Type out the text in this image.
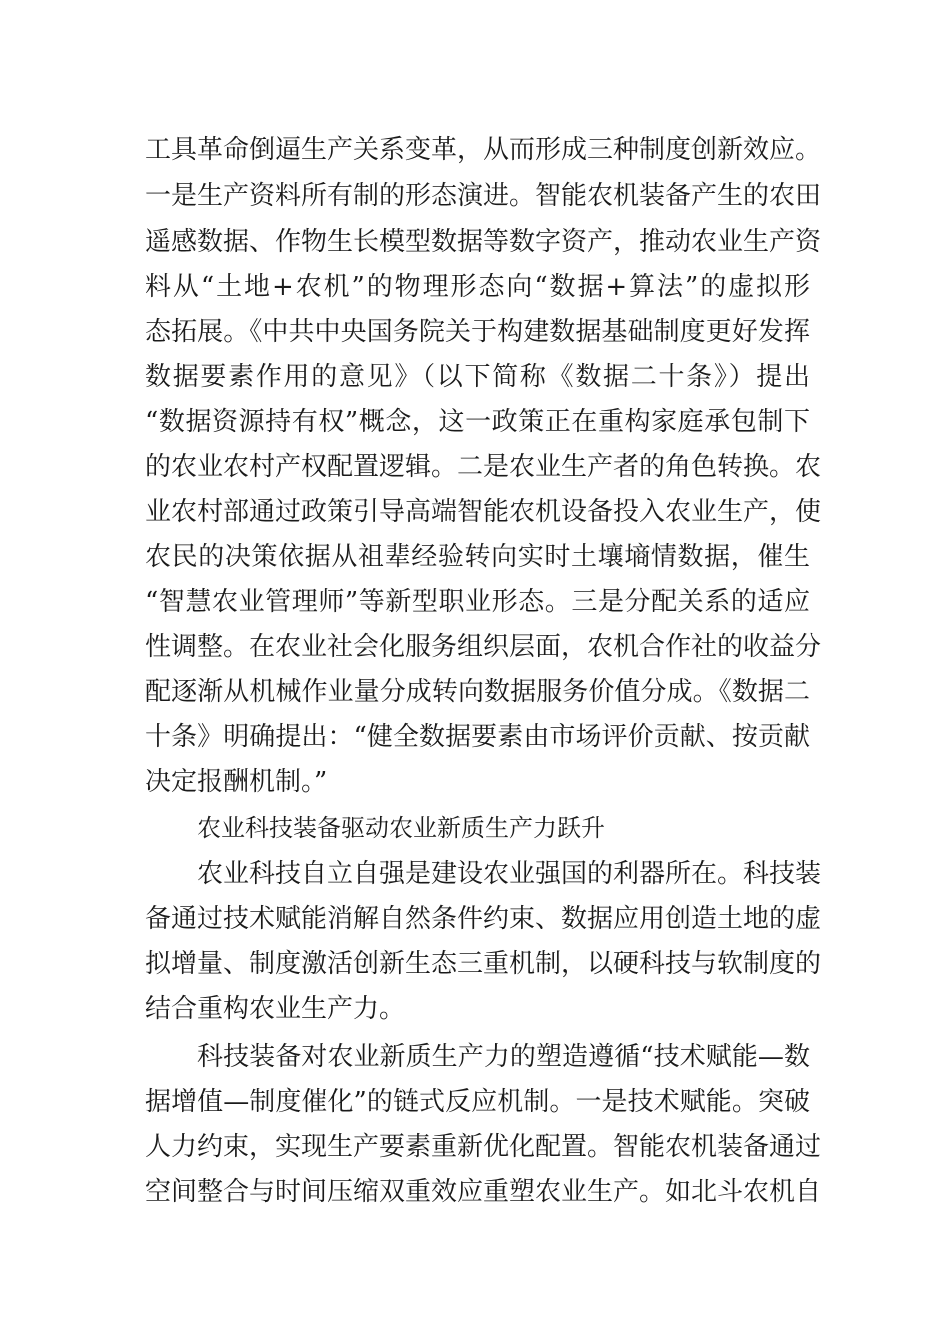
工具革命倒逼生产关系变革，从而形成三种制度创新效应。
一是生产资料所有制的形态演进。智能农机装备产生的农田
遥感数据、作物生长模型数据等数字资产，推动农业生产资
料从“土地+农机”的物理形态向“数据+算法”的虚拟形
态拓展。《中共中央国务院关于构建数据基础制度更好发挥
数据要素作用的意见》（以下简称《数据二十条》）提出
“数据资源持有权”概念，这一政策正在重构家庭承包制下
的农业农村产权配置逻辑。二是农业生产者的角色转换。农
业农村部通过政策引导高端智能农机设备投入农业生产，使
农民的决策依据从祖辈经验转向实时土壤墒情数据，催生
“智慧农业管理师”等新型职业形态。三是分配关系的适应
性调整。在农业社会化服务组织层面，农机合作社的收益分
配逐渐从机械作业量分成转向数据服务价值分成。《数据二
十条》明确提出：“健全数据要素由市场评价贡献、按贡献
决定报酬机制。”
农业科技装备驱动农业新质生产力跃升
农业科技自立自强是建设农业强国的利器所在。科技装
备通过技术赋能消解自然条件约束、数据应用创造土地的虚
拟增量、制度激活创新生态三重机制，以硬科技与软制度的
结合重构农业生产力。
科技装备对农业新质生产力的塑造遵循“技术赋能—数
据增值—制度催化”的链式反应机制。一是技术赋能。突破
人力约束，实现生产要素重新优化配置。智能农机装备通过
空间整合与时间压缩双重效应重塑农业生产。如北斗农机自
